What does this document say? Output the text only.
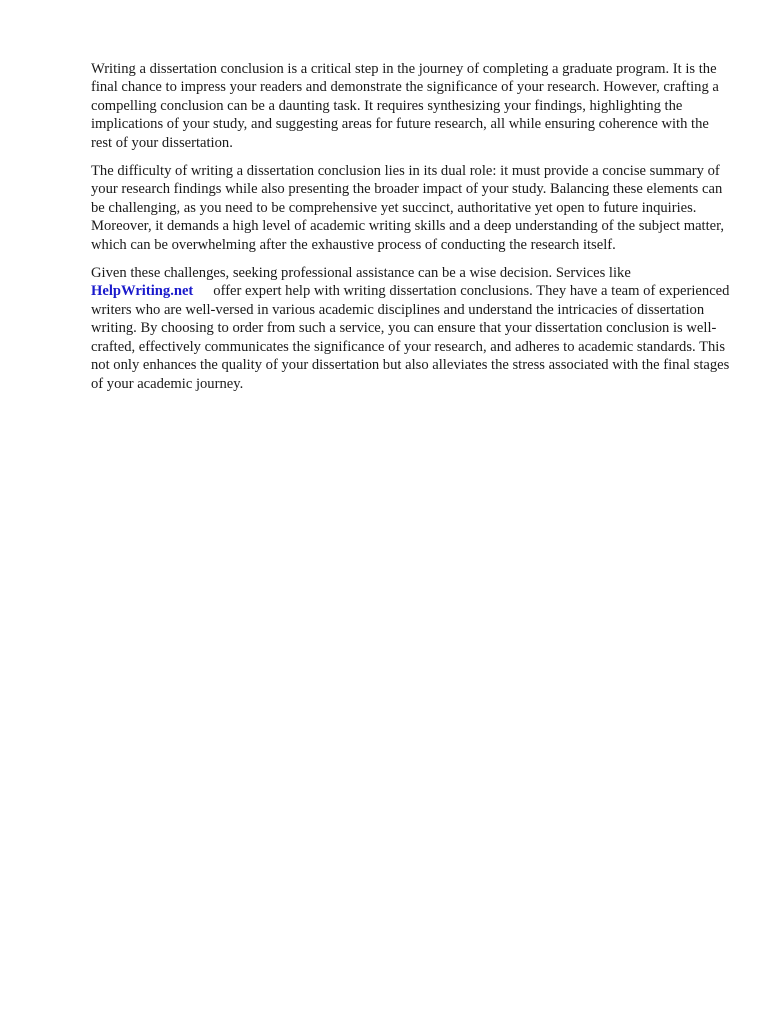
Writing a dissertation conclusion is a critical step in the journey of completing a graduate program. It is the final chance to impress your readers and demonstrate the significance of your research. However, crafting a compelling conclusion can be a daunting task. It requires synthesizing your findings, highlighting the implications of your study, and suggesting areas for future research, all while ensuring coherence with the rest of your dissertation.

The difficulty of writing a dissertation conclusion lies in its dual role: it must provide a concise summary of your research findings while also presenting the broader impact of your study. Balancing these elements can be challenging, as you need to be comprehensive yet succinct, authoritative yet open to future inquiries. Moreover, it demands a high level of academic writing skills and a deep understanding of the subject matter, which can be overwhelming after the exhaustive process of conducting the research itself.

Given these challenges, seeking professional assistance can be a wise decision. Services like
HelpWriting.net offer expert help with writing dissertation conclusions. They have a team of experienced writers who are well-versed in various academic disciplines and understand the intricacies of dissertation writing. By choosing to order from such a service, you can ensure that your dissertation conclusion is well-crafted, effectively communicates the significance of your research, and adheres to academic standards. This not only enhances the quality of your dissertation but also alleviates the stress associated with the final stages of your academic journey.
